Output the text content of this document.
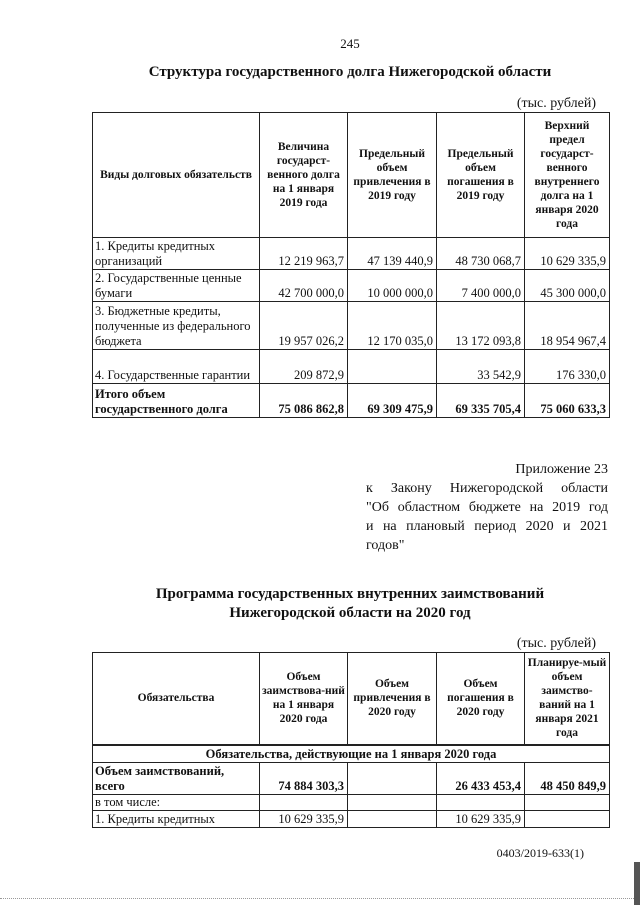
245
Структура государственного долга Нижегородской области
(тыс. рублей)
Виды долговых обязательств	Величина государст-венного долга на 1 января 2019 года	Предельный объем привлечения в 2019 году	Предельный объем погашения в 2019 году	Верхний предел государст-венного внутреннего долга на 1 января 2020 года
1. Кредиты кредитных организаций	12 219 963,7	47 139 440,9	48 730 068,7	10 629 335,9
2. Государственные ценные бумаги	42 700 000,0	10 000 000,0	7 400 000,0	45 300 000,0
3. Бюджетные кредиты, полученные из федерального бюджета	19 957 026,2	12 170 035,0	13 172 093,8	18 954 967,4
4. Государственные гарантии	209 872,9		33 542,9	176 330,0
Итого объем государственного долга	75 086 862,8	69 309 475,9	69 335 705,4	75 060 633,3
Приложение 23
к Закону Нижегородской области
"Об областном бюджете на 2019 год
и на плановый период 2020 и 2021
годов"
Программа государственных внутренних заимствований
Нижегородской области на 2020 год
(тыс. рублей)
Обязательства	Объем заимствова-ний на 1 января 2020 года	Объем привлечения в 2020 году	Объем погашения в 2020 году	Планируе-мый объем заимство-ваний на 1 января 2021 года
Обязательства, действующие на 1 января 2020 года				
Объем заимствований, всего	74 884 303,3		26 433 453,4	48 450 849,9
в том числе:				
1. Кредиты кредитных	10 629 335,9		10 629 335,9	
0403/2019-633(1)
